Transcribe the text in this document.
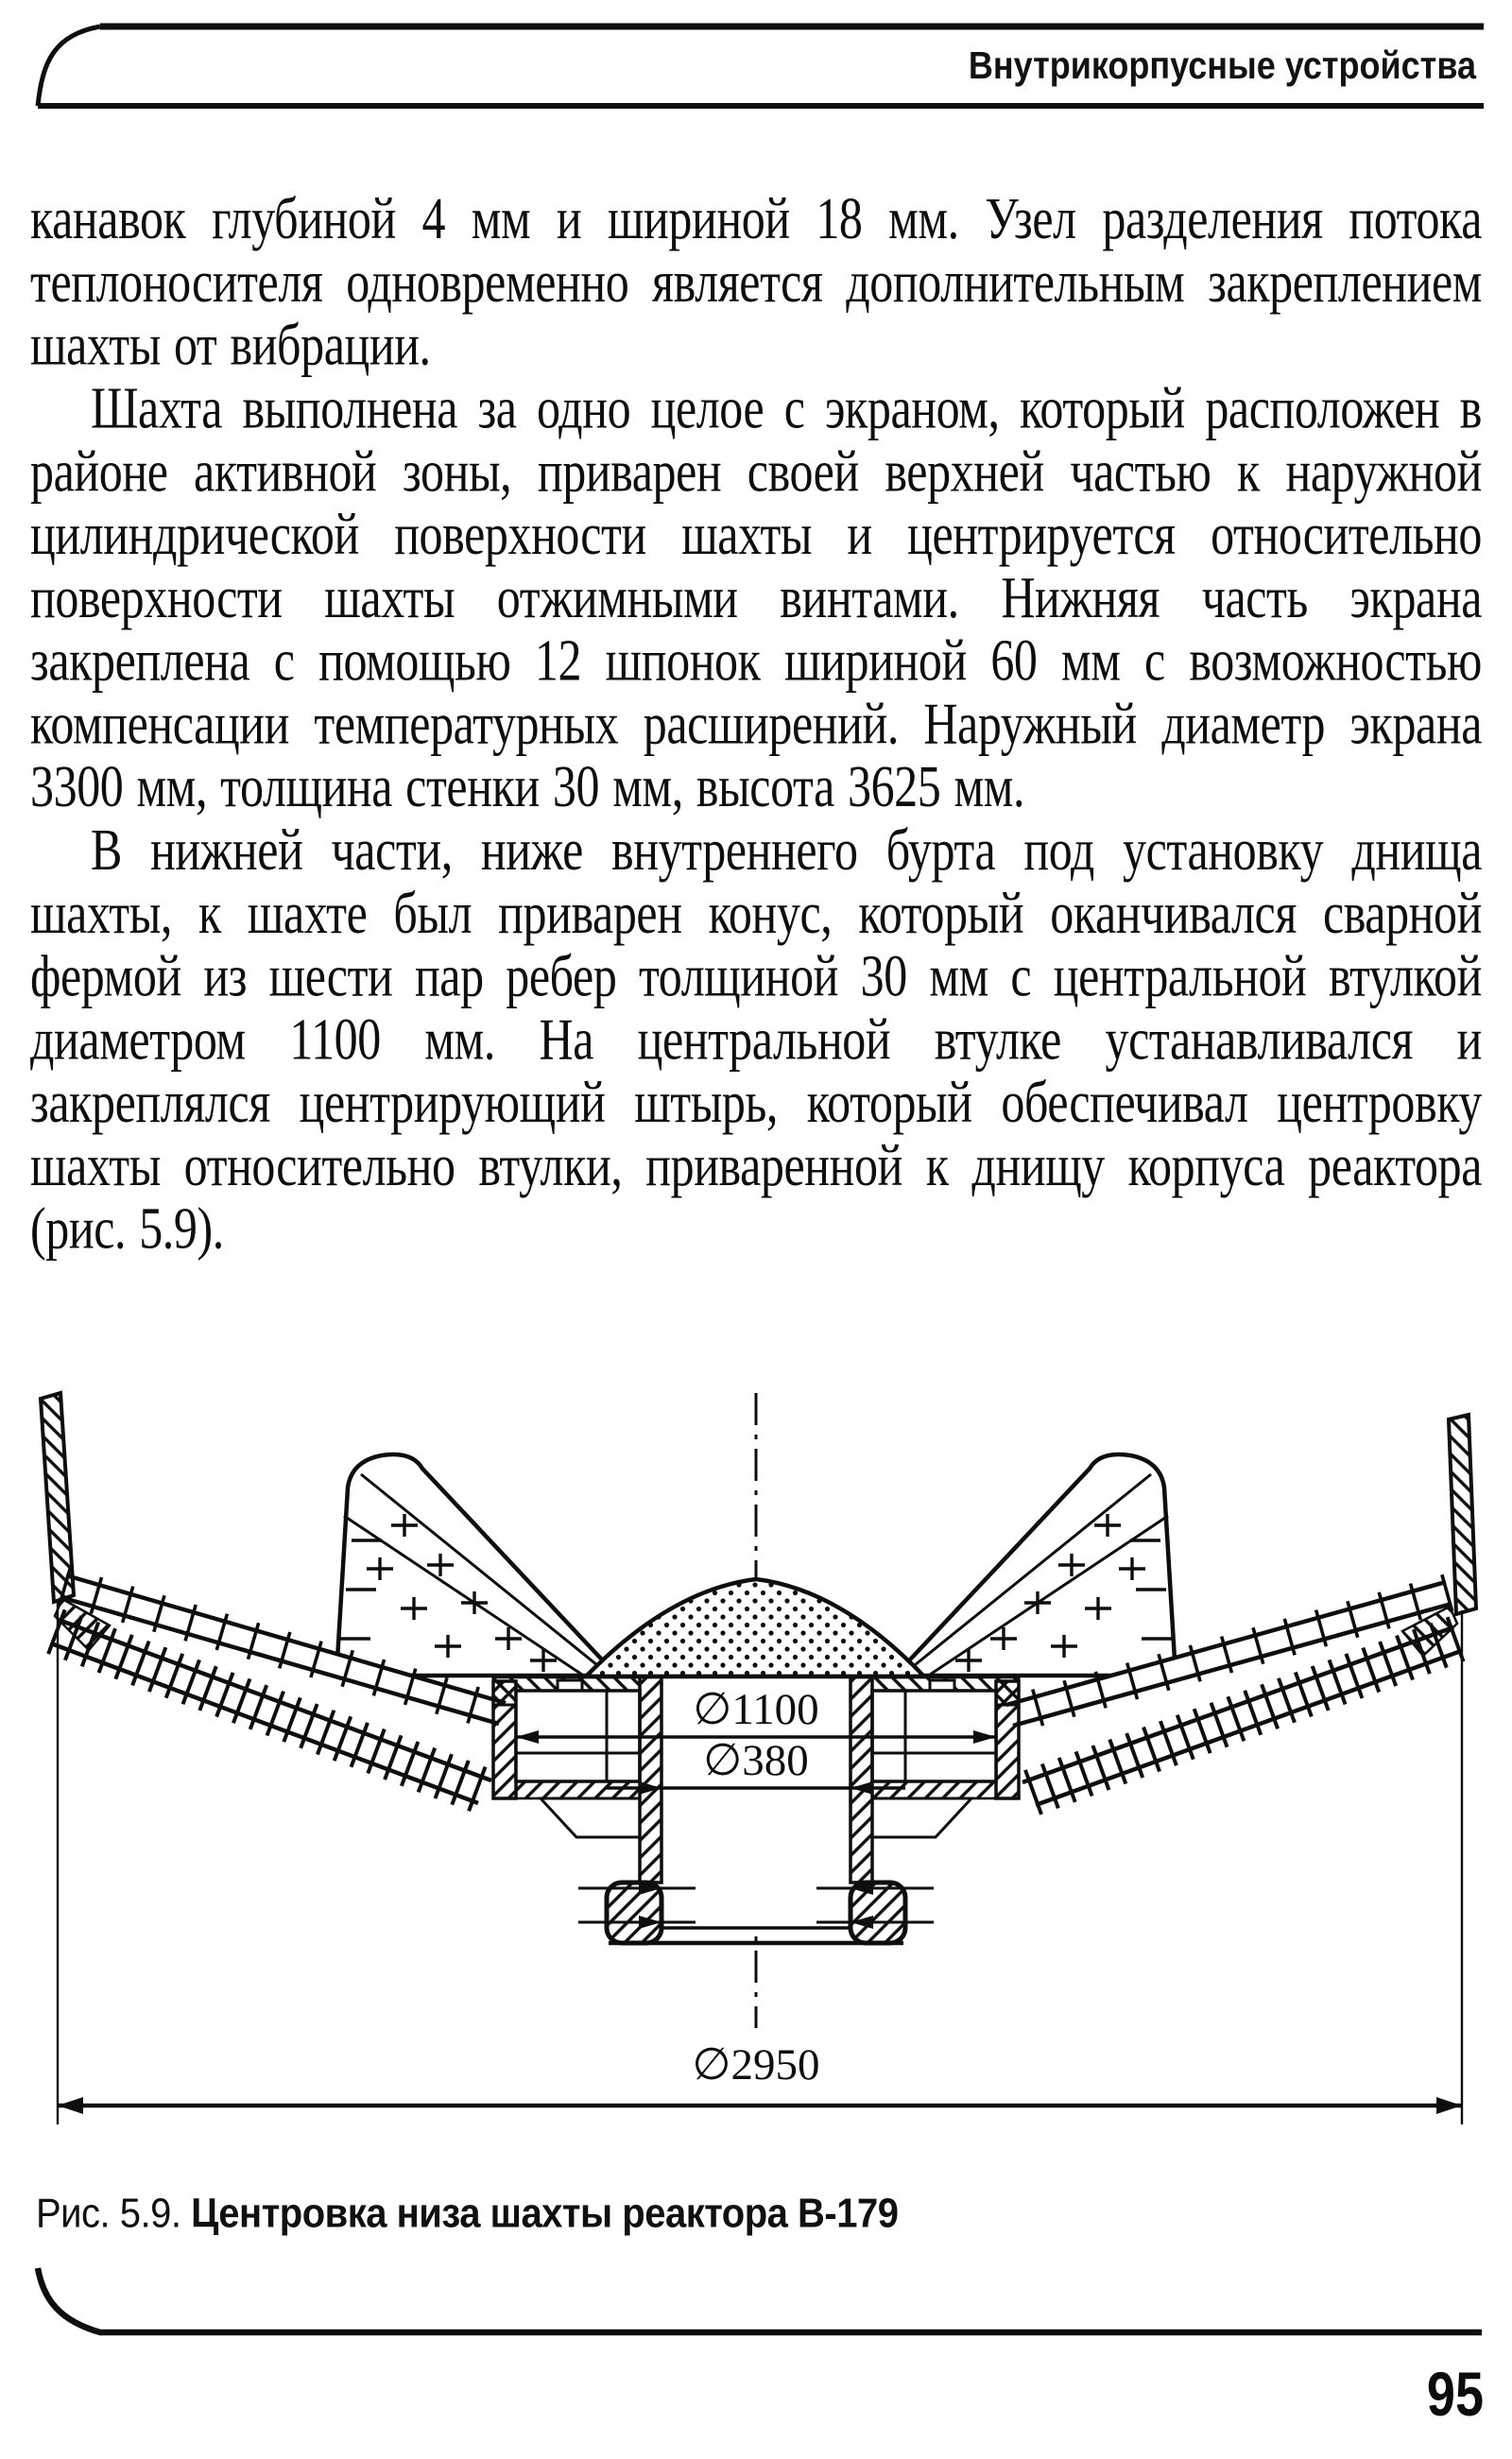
Внутрикорпусные устройства

канавок глубиной 4 мм и шириной 18 мм. Узел разделения потока теплоносителя одновременно является дополнительным закреплением шахты от вибрации.

Шахта выполнена за одно целое с экраном, который расположен в районе активной зоны, приварен своей верхней частью к наружной цилиндрической поверхности шахты и центрируется относительно поверхности шахты отжимными винтами. Нижняя часть экрана закреплена с помощью 12 шпонок шириной 60 мм с возможностью компенсации температурных расширений. Наружный диаметр экрана 3300 мм, толщина стенки 30 мм, высота 3625 мм.

В нижней части, ниже внутреннего бурта под установку днища шахты, к шахте был приварен конус, который оканчивался сварной фермой из шести пар ребер толщиной 30 мм с центральной втулкой диаметром 1100 мм. На центральной втулке устанавливался и закреплялся центрирующий штырь, который обеспечивал центровку шахты относительно втулки, приваренной к днищу корпуса реактора (рис. 5.9).

∅1100
∅380
∅2950
Рис. 5.9. Центровка низа шахты реактора В-179
95
